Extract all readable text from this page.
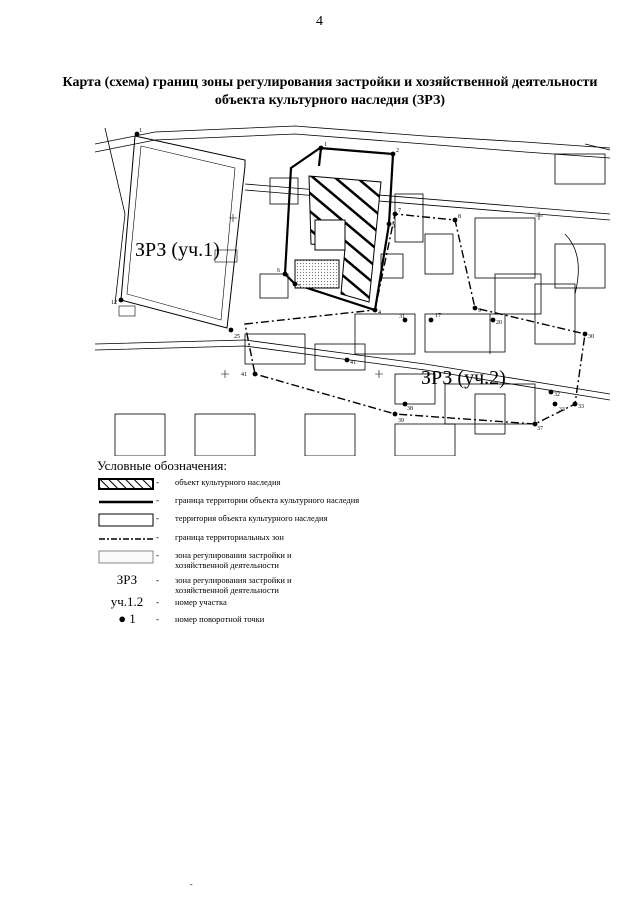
4
Карта (схема) границ зоны регулирования застройки и хозяйственной деятельности объекта культурного наследия (ЗРЗ)
1
2
3
4
5
6
25
7
8
9
31	17
30
33
37
39
41
41
20
32
33
38
1
12
ЗРЗ (уч.1)
ЗРЗ (уч.2)
Условные обозначения:
- объект культурного наследия
- граница территории объекта культурного наследия
- территория объекта культурного наследия
- граница территориальных зон
- зона регулирования застройки и хозяйственной деятельности
ЗРЗ	- зона регулирования застройки и хозяйственной деятельности
уч.1.2	- номер участка
● 1	- номер поворотной точки
-
